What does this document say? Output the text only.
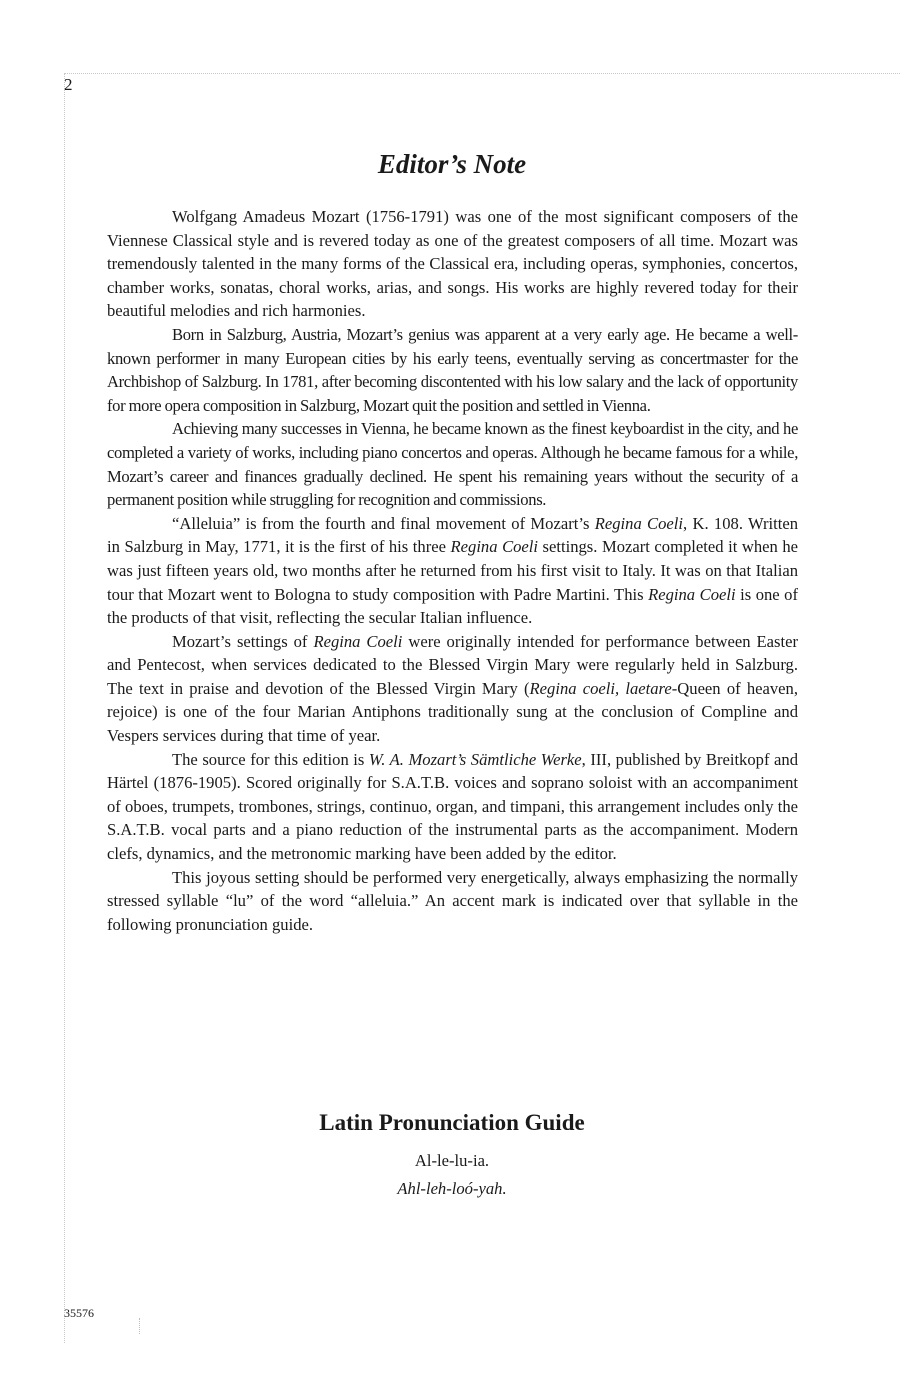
2
Editor’s Note

Wolfgang Amadeus Mozart (1756-1791) was one of the most significant composers of the Viennese Classical style and is revered today as one of the greatest composers of all time. Mozart was tremendously talented in the many forms of the Classical era, including operas, symphonies, concertos, chamber works, sonatas, choral works, arias, and songs. His works are highly revered today for their beautiful melodies and rich harmonies.

Born in Salzburg, Austria, Mozart’s genius was apparent at a very early age. He became a well-known performer in many European cities by his early teens, eventually serving as concertmaster for the Archbishop of Salzburg. In 1781, after becoming discontented with his low salary and the lack of opportunity for more opera composition in Salzburg, Mozart quit the position and settled in Vienna.

Achieving many successes in Vienna, he became known as the finest keyboardist in the city, and he completed a variety of works, including piano concertos and operas. Although he became famous for a while, Mozart’s career and finances gradually declined. He spent his remaining years without the security of a permanent position while struggling for recognition and commissions.

“Alleluia” is from the fourth and final movement of Mozart’s Regina Coeli, K. 108. Written in Salzburg in May, 1771, it is the first of his three Regina Coeli settings. Mozart completed it when he was just fifteen years old, two months after he returned from his first visit to Italy. It was on that Italian tour that Mozart went to Bologna to study composition with Padre Martini. This Regina Coeli is one of the products of that visit, reflecting the secular Italian influence.

Mozart’s settings of Regina Coeli were originally intended for performance between Easter and Pentecost, when services dedicated to the Blessed Virgin Mary were regularly held in Salzburg. The text in praise and devotion of the Blessed Virgin Mary (Regina coeli, laetare-Queen of heaven, rejoice) is one of the four Marian Antiphons traditionally sung at the conclusion of Compline and Vespers services during that time of year.

The source for this edition is W. A. Mozart’s Sämtliche Werke, III, published by Breitkopf and Härtel (1876-1905). Scored originally for S.A.T.B. voices and soprano soloist with an accompaniment of oboes, trumpets, trombones, strings, continuo, organ, and timpani, this arrangement includes only the S.A.T.B. vocal parts and a piano reduction of the instrumental parts as the accompaniment. Modern clefs, dynamics, and the metronomic marking have been added by the editor.

This joyous setting should be performed very energetically, always emphasizing the normally stressed syllable “lu” of the word “alleluia.” An accent mark is indicated over that syllable in the following pronunciation guide.

Latin Pronunciation Guide
Al-le-lu-ia.
Ahl-leh-loó-yah.
35576
